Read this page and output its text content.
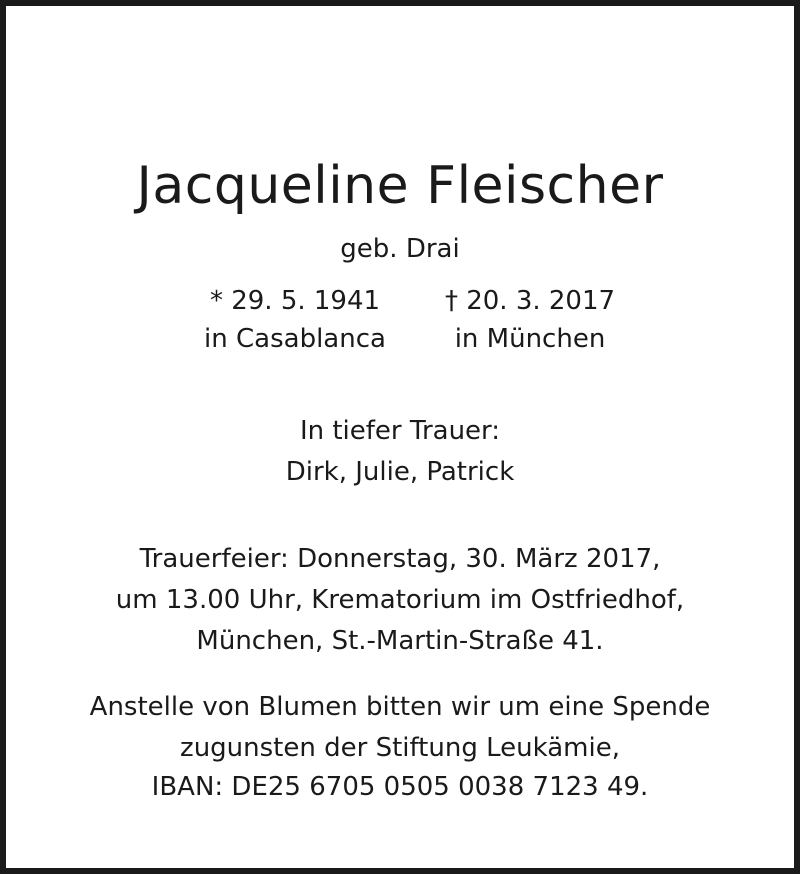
Jacqueline Fleischer
geb. Drai
* 29. 5. 1941
in Casablanca
† 20. 3. 2017
in München
In tiefer Trauer:
Dirk, Julie, Patrick
Trauerfeier: Donnerstag, 30. März 2017,
um 13.00 Uhr, Krematorium im Ostfriedhof,
München, St.-Martin-Straße 41.
Anstelle von Blumen bitten wir um eine Spende
zugunsten der Stiftung Leukämie,
IBAN: DE25 6705 0505 0038 7123 49.
